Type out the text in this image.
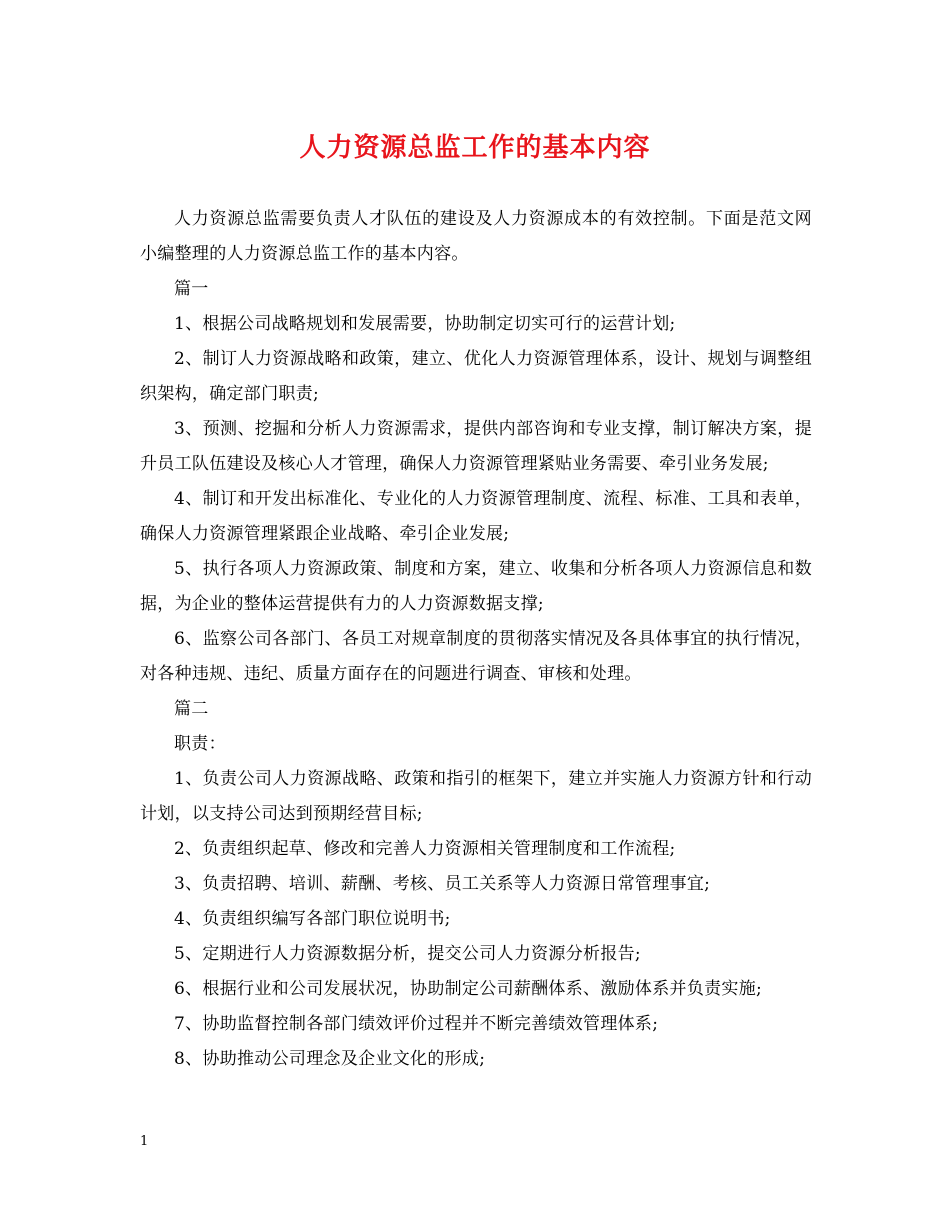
人力资源总监工作的基本内容

人力资源总监需要负责人才队伍的建设及人力资源成本的有效控制。下面是范文网小编整理的人力资源总监工作的基本内容。

篇一

1、根据公司战略规划和发展需要，协助制定切实可行的运营计划;

2、制订人力资源战略和政策，建立、优化人力资源管理体系，设计、规划与调整组织架构，确定部门职责;

3、预测、挖掘和分析人力资源需求，提供内部咨询和专业支撑，制订解决方案，提升员工队伍建设及核心人才管理，确保人力资源管理紧贴业务需要、牵引业务发展;

4、制订和开发出标准化、专业化的人力资源管理制度、流程、标准、工具和表单，确保人力资源管理紧跟企业战略、牵引企业发展;

5、执行各项人力资源政策、制度和方案，建立、收集和分析各项人力资源信息和数据，为企业的整体运营提供有力的人力资源数据支撑;

6、监察公司各部门、各员工对规章制度的贯彻落实情况及各具体事宜的执行情况，对各种违规、违纪、质量方面存在的问题进行调查、审核和处理。

篇二

职责：

1、负责公司人力资源战略、政策和指引的框架下，建立并实施人力资源方针和行动计划，以支持公司达到预期经营目标;

2、负责组织起草、修改和完善人力资源相关管理制度和工作流程;

3、负责招聘、培训、薪酬、考核、员工关系等人力资源日常管理事宜;

4、负责组织编写各部门职位说明书;

5、定期进行人力资源数据分析，提交公司人力资源分析报告;

6、根据行业和公司发展状况，协助制定公司薪酬体系、激励体系并负责实施;

7、协助监督控制各部门绩效评价过程并不断完善绩效管理体系;

8、协助推动公司理念及企业文化的形成;

1
